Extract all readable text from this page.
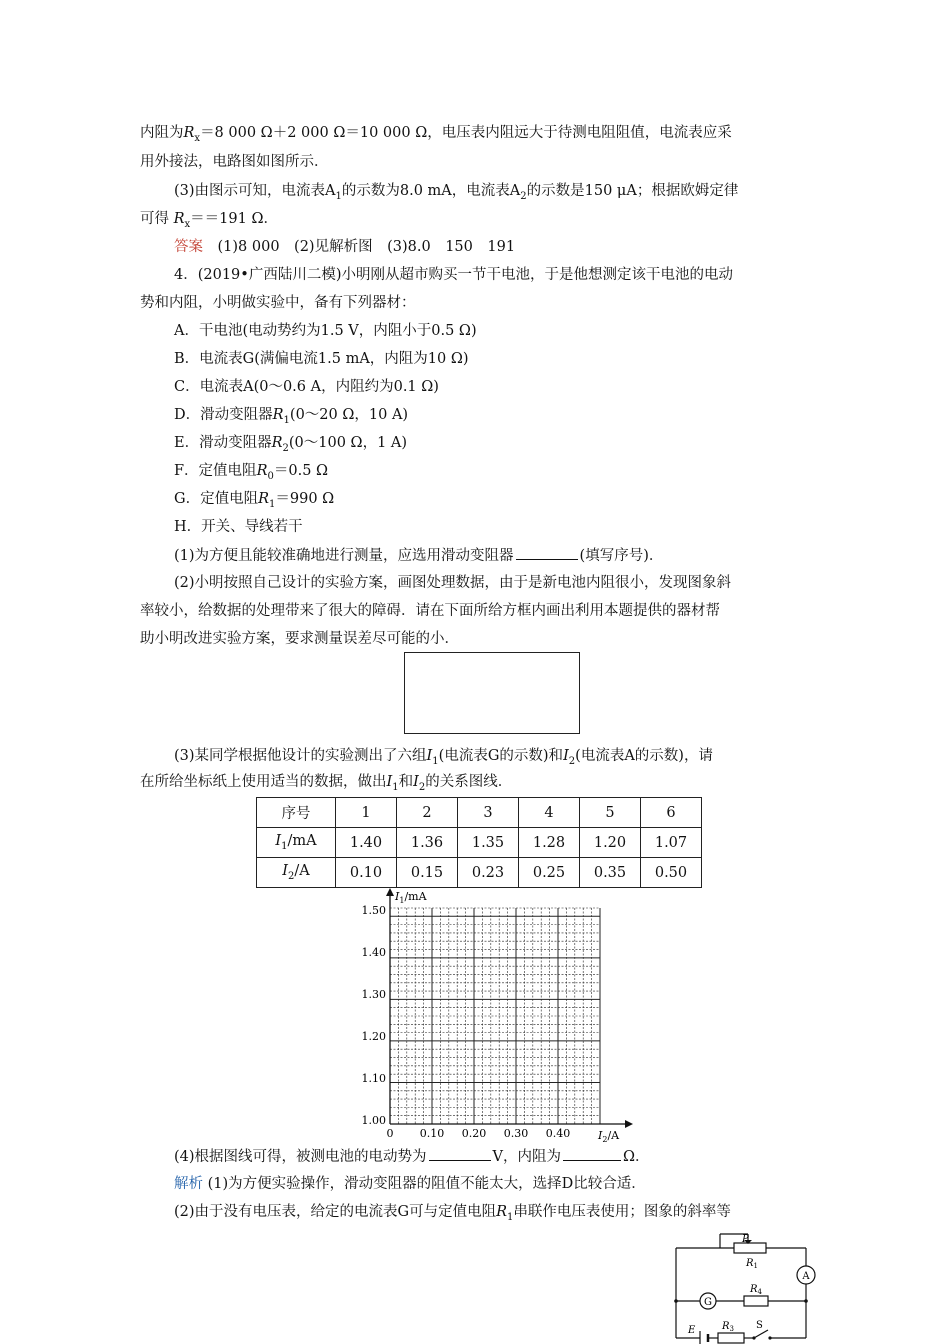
内阻为$R_x=8$ 000 Ω＋2 000 Ω＝10 000 Ω，电压表内阻远大于待测电阻阻值，电流表应采
用外接法，电路图如图所示．
(3)由图示可知，电流表$A_1$的示数为8.0 mA，电流表$A_2$的示数是150 μA；根据欧姆定律
可得 $R_x==191$ Ω．
答案　 (1)8 000　(2)见解析图　(3)8.0　150　191
4．(2019•广西陆川二模)小明刚从超市购买一节干电池，于是他想测定该干电池的电动
势和内阻，小明做实验中，备有下列器材：
A．干电池(电动势约为1.5 V，内阻小于0.5 Ω)
B．电流表G(满偏电流1.5 mA，内阻为10 Ω)
C．电流表A(0～0.6 A，内阻约为0.1 Ω)
D．滑动变阻器$R_1(0\sim 20$ Ω，10 A)
E．滑动变阻器$R_2(0\sim 100$ Ω，1 A)
F．定值电阻$R_0=0.5$ Ω
G．定值电阻$R_1=990$ Ω
H．开关、导线若干
(1)为方便且能较准确地进行测量，应选用滑动变阻器	(填写序号)．
(2)小明按照自己设计的实验方案，画图处理数据，由于是新电池内阻很小，发现图象斜
率较小，给数据的处理带来了很大的障碍．请在下面所给方框内画出利用本题提供的器材帮
助小明改进实验方案，要求测量误差尽可能的小．
(3)某同学根据他设计的实验测出了六组$I_1$(电流表G的示数)和$I_2$(电流表A的示数)，请
在所给坐标纸上使用适当的数据，做出$I_1$和$I_2$的关系图线．
序号	1	2	3	4	5	6
$I_1/mA$	1.40	1.36	1.35	1.28	1.20	1.07
$I_2/A$	0.10	0.15	0.23	0.25	0.35	0.50
$I_1/mA$
$I_2/A$
1.50
1.40
1.30
1.20
1.10
1.00
0 0.10 0.20 0.30 0.40
(4)根据图线可得，被测电池的电动势为	V，内阻为	Ω．
解析 (1)为方便实验操作，滑动变阻器的阻值不能太大，选择D比较合适．
(2)由于没有电压表，给定的电流表G可与定值电阻$R_1$串联作电压表使用；图象的斜率等
P
$R_1$
$R_4$
$R_3$
A
G
S
E
